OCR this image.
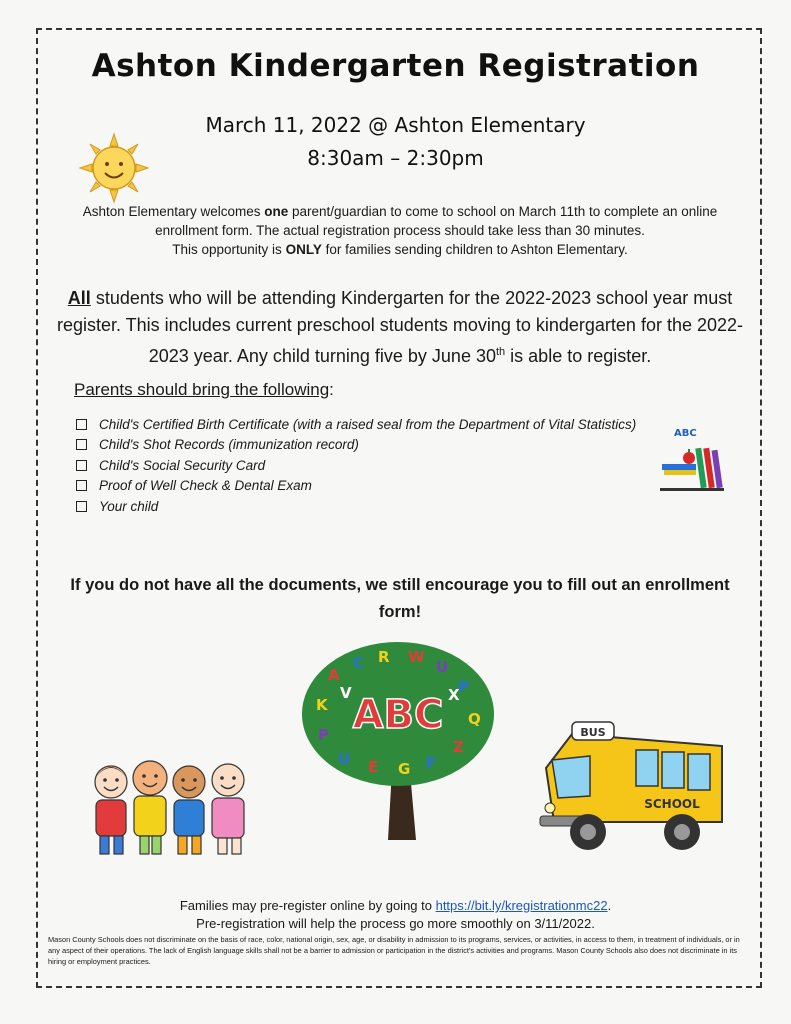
Ashton Kindergarten Registration
March 11, 2022 @ Ashton Elementary
8:30am – 2:30pm

Ashton Elementary welcomes one parent/guardian to come to school on March 11th to complete an online

enrollment form. The actual registration process should take less than 30 minutes.

This opportunity is ONLY for families sending children to Ashton Elementary.

All students who will be attending Kindergarten for the 2022-2023 school year must register. This includes current preschool students moving to kindergarten for the 2022-2023 year. Any child turning five by June 30th is able to register.
Parents should bring the following:
Child's Certified Birth Certificate (with a raised seal from the Department of Vital Statistics)
Child's Shot Records (immunization record)
Child's Social Security Card
Proof of Well Check & Dental Exam
Your child
ABC
If you do not have all the documents, we still encourage you to fill out an enrollment form!
A
C R W
U
P
K
P
U E G F
Z
Q
X
V ABC	BUS
SCHOOL

Families may pre-register online by going to https://bit.ly/kregistrationmc22.

Pre-registration will help the process go more smoothly on 3/11/2022.

Mason County Schools does not discriminate on the basis of race, color, national origin, sex, age, or disability in admission to its programs, services, or activities, in access to them, in treatment of individuals, or in any aspect of their operations. The lack of English language skills shall not be a barrier to admission or participation in the district's activities and programs. Mason County Schools also does not discriminate in its hiring or employment practices.
